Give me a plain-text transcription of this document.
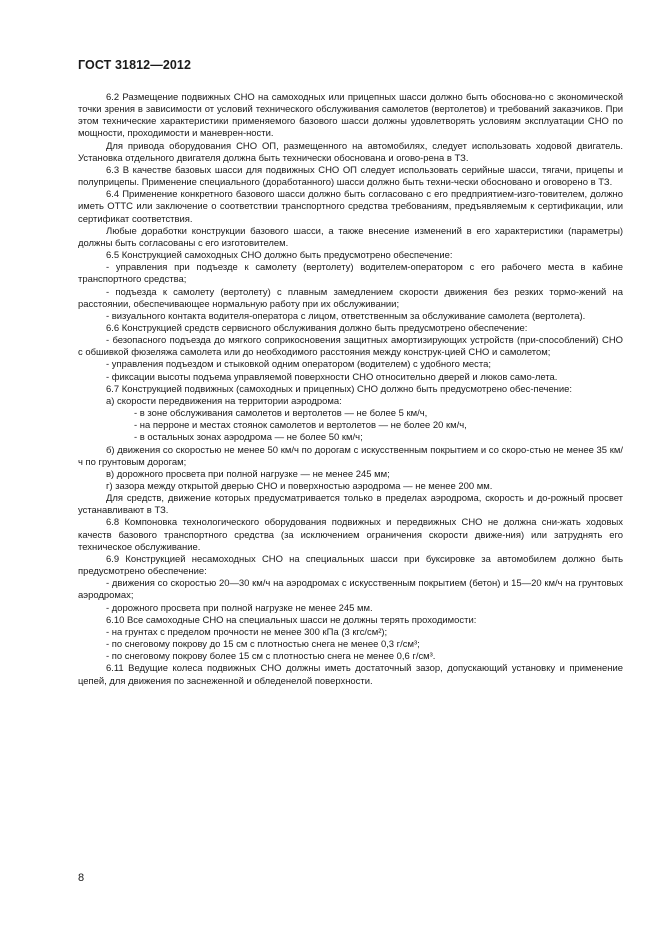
ГОСТ 31812—2012

6.2 Размещение подвижных СНО на самоходных или прицепных шасси должно быть обоснова-но с экономической точки зрения в зависимости от условий технического обслуживания самолетов (вертолетов) и требований заказчиков. При этом технические характеристики применяемого базового шасси должны удовлетворять условиям эксплуатации СНО по мощности, проходимости и маневрен-ности.

Для привода оборудования СНО ОП, размещенного на автомобилях, следует использовать ходовой двигатель. Установка отдельного двигателя должна быть технически обоснована и огово-рена в ТЗ.

6.3 В качестве базовых шасси для подвижных СНО ОП следует использовать серийные шасси, тягачи, прицепы и полуприцепы. Применение специального (доработанного) шасси должно быть техни-чески обосновано и оговорено в ТЗ.

6.4 Применение конкретного базового шасси должно быть согласовано с его предприятием-изго-товителем, должно иметь ОТТС или заключение о соответствии транспортного средства требованиям, предъявляемым к сертификации, или сертификат соответствия.

Любые доработки конструкции базового шасси, а также внесение изменений в его характеристики (параметры) должны быть согласованы с его изготовителем.

6.5 Конструкцией самоходных СНО должно быть предусмотрено обеспечение:

- управления при подъезде к самолету (вертолету) водителем-оператором с его рабочего места в кабине транспортного средства;

- подъезда к самолету (вертолету) с плавным замедлением скорости движения без резких тормо-жений на расстоянии, обеспечивающее нормальную работу при их обслуживании;

- визуального контакта водителя-оператора с лицом, ответственным за обслуживание самолета (вертолета).

6.6 Конструкцией средств сервисного обслуживания должно быть предусмотрено обеспечение:

- безопасного подъезда до мягкого соприкосновения защитных амортизирующих устройств (при-способлений) СНО с обшивкой фюзеляжа самолета или до необходимого расстояния между конструк-цией СНО и самолетом;

- управления подъездом и стыковкой одним оператором (водителем) с удобного места;

- фиксации высоты подъема управляемой поверхности СНО относительно дверей и люков само-лета.

6.7 Конструкцией подвижных (самоходных и прицепных) СНО должно быть предусмотрено обес-печение:

а) скорости передвижения на территории аэродрома:

- в зоне обслуживания самолетов и вертолетов — не более 5 км/ч,

- на перроне и местах стоянок самолетов и вертолетов — не более 20 км/ч,

- в остальных зонах аэродрома — не более 50 км/ч;

б) движения со скоростью не менее 50 км/ч по дорогам с искусственным покрытием и со скоро-стью не менее 35 км/ч по грунтовым дорогам;

в) дорожного просвета при полной нагрузке — не менее 245 мм;

г) зазора между открытой дверью СНО и поверхностью аэродрома — не менее 200 мм.

Для средств, движение которых предусматривается только в пределах аэродрома, скорость и до-рожный просвет устанавливают в ТЗ.

6.8 Компоновка технологического оборудования подвижных и передвижных СНО не должна сни-жать ходовых качеств базового транспортного средства (за исключением ограничения скорости движе-ния) или затруднять его техническое обслуживание.

6.9 Конструкцией несамоходных СНО на специальных шасси при буксировке за автомобилем должно быть предусмотрено обеспечение:

- движения со скоростью 20—30 км/ч на аэродромах с искусственным покрытием (бетон) и 15—20 км/ч на грунтовых аэродромах;

- дорожного просвета при полной нагрузке не менее 245 мм.

6.10 Все самоходные СНО на специальных шасси не должны терять проходимости:

- на грунтах с пределом прочности не менее 300 кПа (3 кгс/см²);

- по снеговому покрову до 15 см с плотностью снега не менее 0,3 г/см³;

- по снеговому покрову более 15 см с плотностью снега не менее 0,6 г/см³.

6.11 Ведущие колеса подвижных СНО должны иметь достаточный зазор, допускающий установку и применение цепей, для движения по заснеженной и обледенелой поверхности.

8
